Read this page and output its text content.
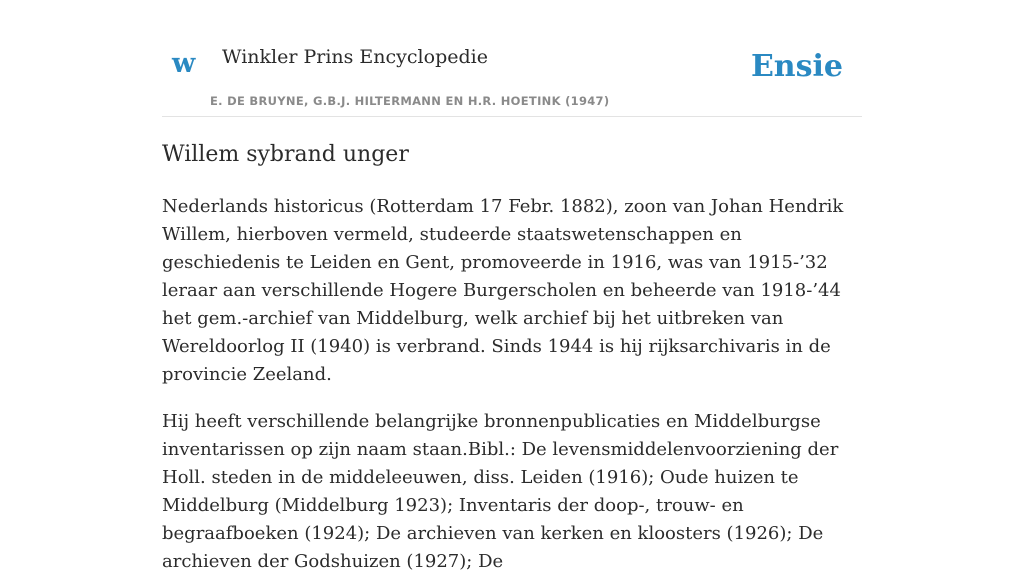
w Winkler Prins Encyclopedie
E. DE BRUYNE, G.B.J. HILTERMANN EN H.R. HOETINK (1947)
Ensie
Willem sybrand unger

Nederlands historicus (Rotterdam 17 Febr. 1882), zoon van Johan Hendrik Willem, hierboven vermeld, studeerde staatswetenschappen en geschiedenis te Leiden en Gent, promoveerde in 1916, was van 1915-’32 leraar aan verschillende Hogere Burgerscholen en beheerde van 1918-’44 het gem.-archief van Middelburg, welk archief bij het uitbreken van Wereldoorlog II (1940) is verbrand. Sinds 1944 is hij rijksarchivaris in de provincie Zeeland.

Hij heeft verschillende belangrijke bronnenpublicaties en Middelburgse inventarissen op zijn naam staan.Bibl.: De levensmiddelenvoorziening der Holl. steden in de middeleeuwen, diss. Leiden (1916); Oude huizen te Middelburg (Middelburg 1923); Inventaris der doop-, trouw- en begraafboeken (1924); De archieven van kerken en kloosters (1926); De archieven der Godshuizen (1927); De
